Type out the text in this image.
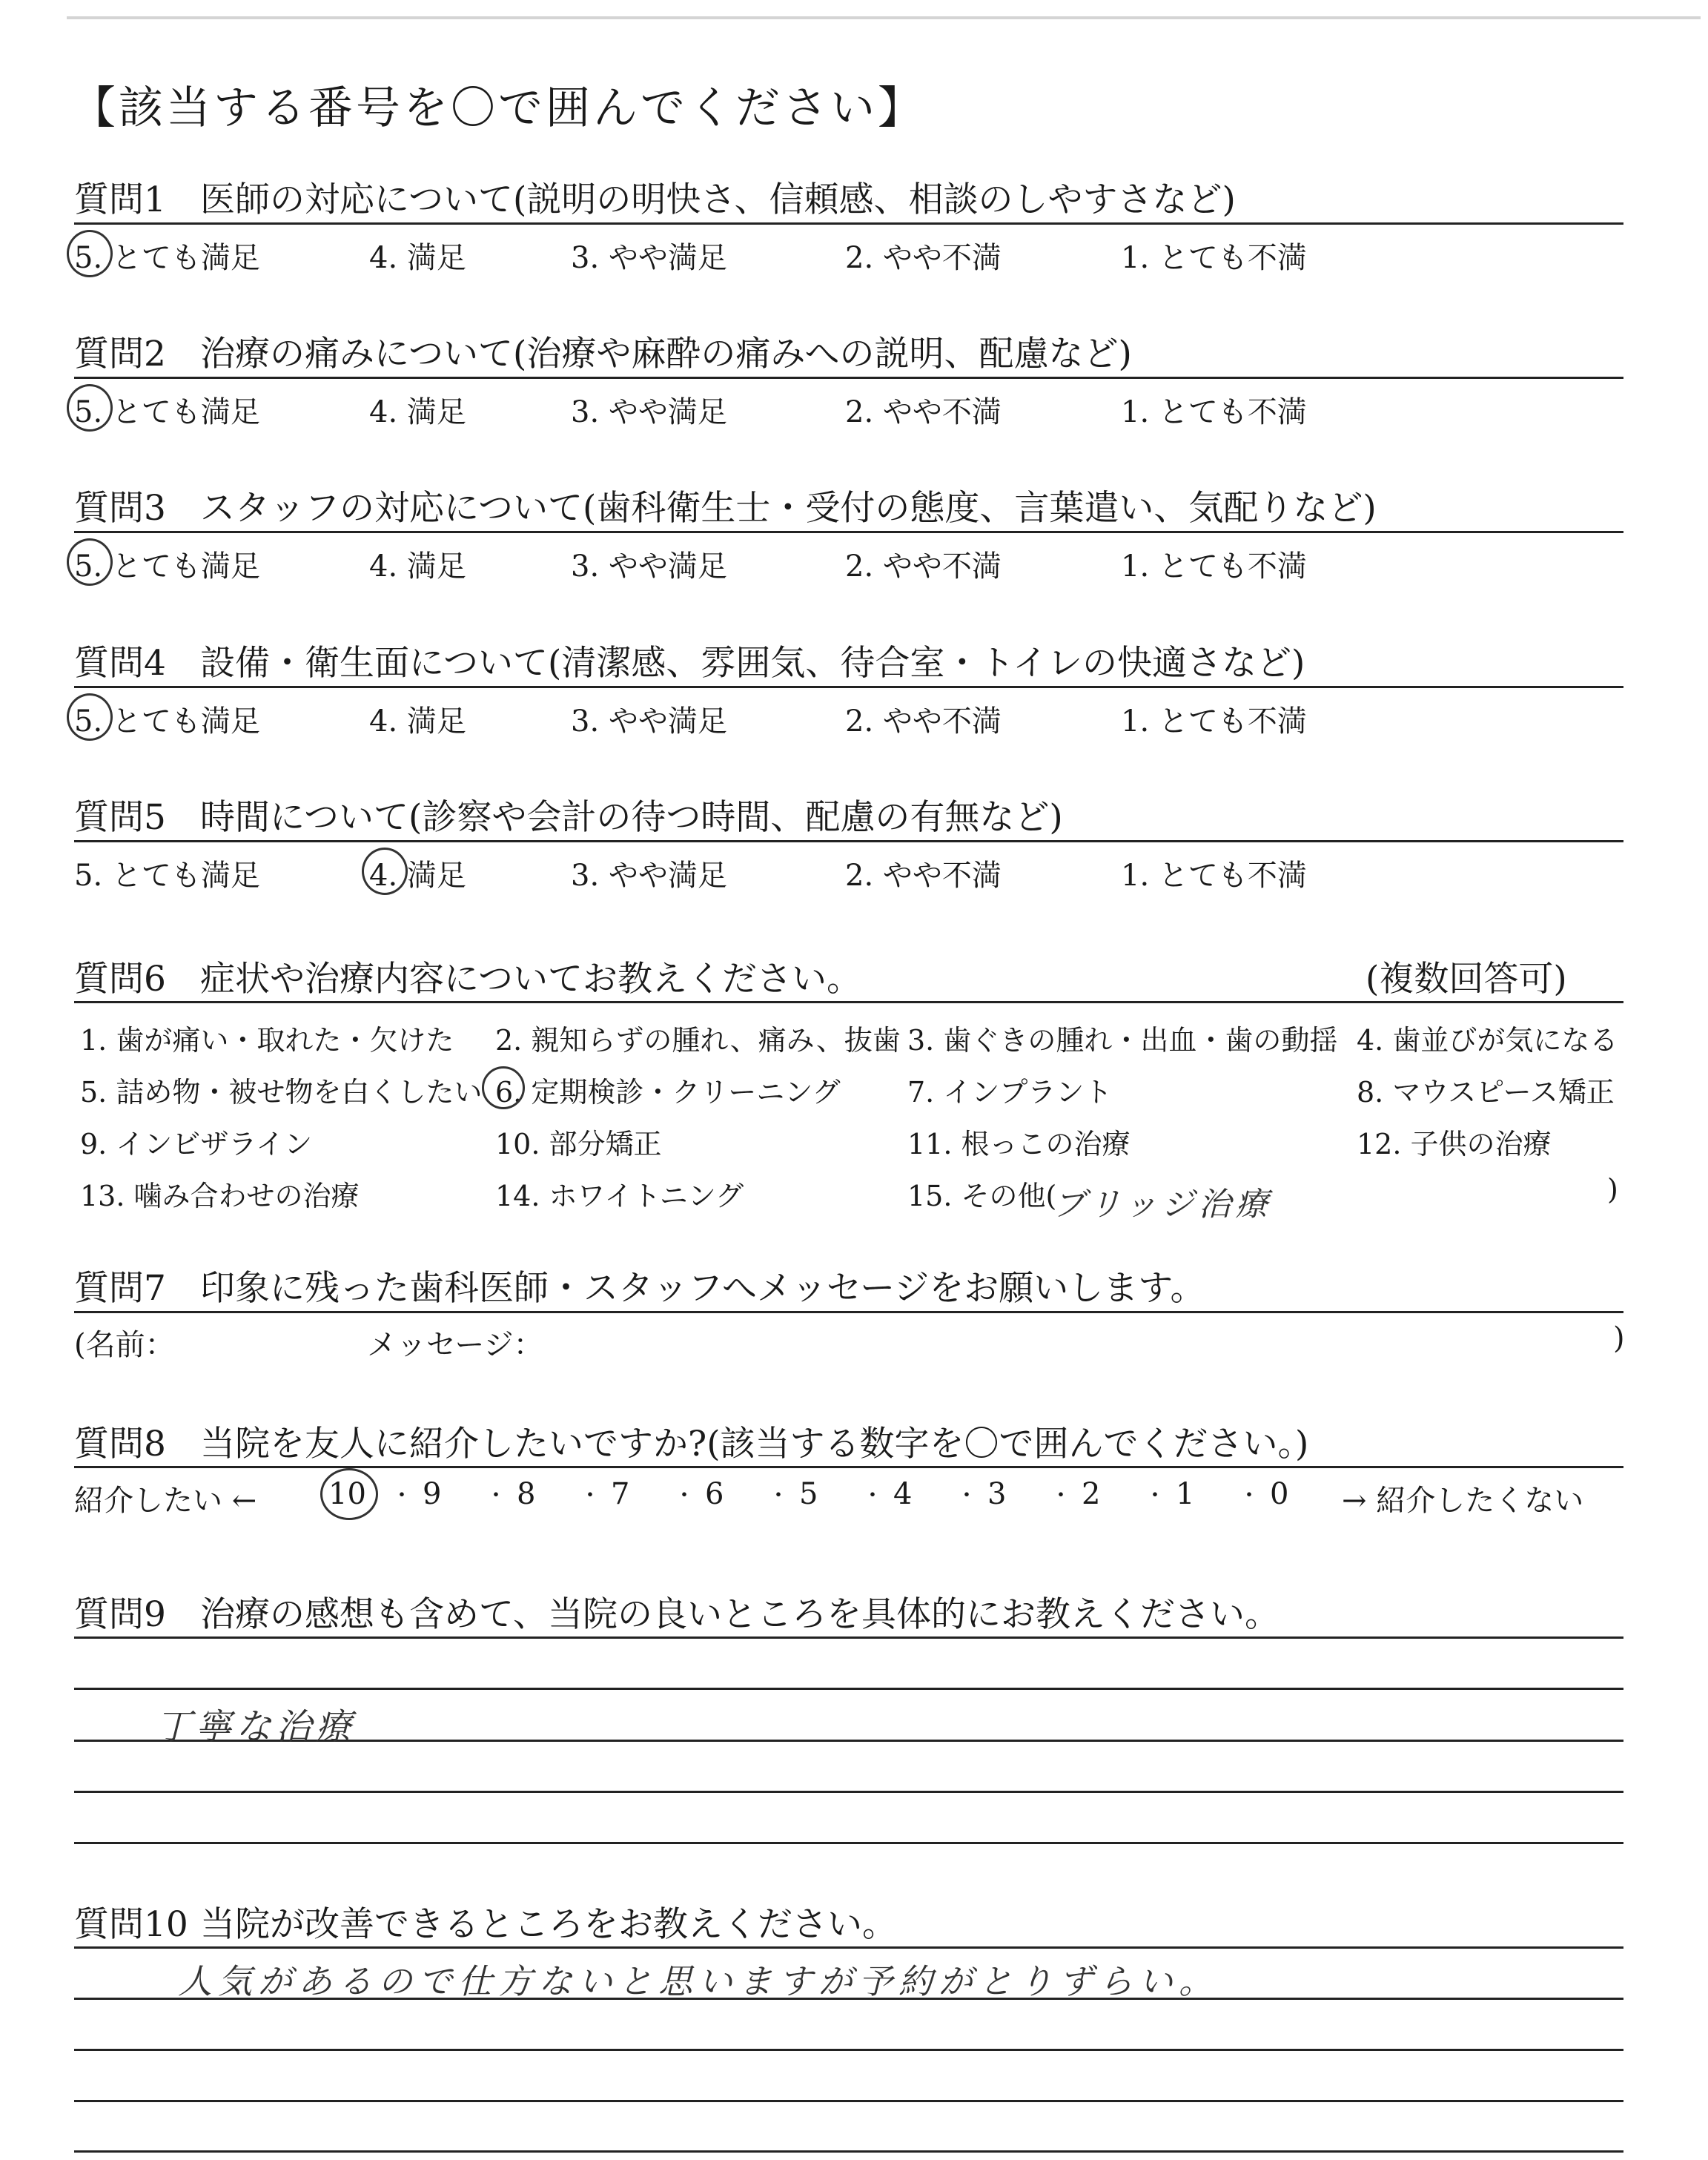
【該当する番号を〇で囲んでください】
質問1 医師の対応について(説明の明快さ、信頼感、相談のしやすさなど)
5. とても満足	4. 満足	3. やや満足	2. やや不満	1. とても不満
質問2 治療の痛みについて(治療や麻酔の痛みへの説明、配慮など)
5. とても満足	4. 満足	3. やや満足	2. やや不満	1. とても不満
質問3 スタッフの対応について(歯科衛生士・受付の態度、言葉遣い、気配りなど)
5. とても満足	4. 満足	3. やや満足	2. やや不満	1. とても不満
質問4 設備・衛生面について(清潔感、雰囲気、待合室・トイレの快適さなど)
5. とても満足	4. 満足	3. やや満足	2. やや不満	1. とても不満
質問5 時間について(診察や会計の待つ時間、配慮の有無など)
5. とても満足	4. 満足	3. やや満足	2. やや不満	1. とても不満
質問6 症状や治療内容についてお教えください。	(複数回答可)
1. 歯が痛い・取れた・欠けた 2. 親知らずの腫れ、痛み、抜歯 3. 歯ぐきの腫れ・出血・歯の動揺 4. 歯並びが気になる
5. 詰め物・被せ物を白くしたい 6. 定期検診・クリーニング 7. インプラント	8. マウスピース矯正
9. インビザライン	10. 部分矯正	11. 根っこの治療	12. 子供の治療
13. 噛み合わせの治療	14. ホワイトニング	15. その他(	)
ブリッジ治療
質問7 印象に残った歯科医師・スタッフへメッセージをお願いします。
(名前：	メッセージ：	)
質問8 当院を友人に紹介したいですか?(該当する数字を〇で囲んでください。)
紹介したい ←	→ 紹介したくない
10 ・ 9 ・ 8 ・ 7 ・ 6 ・ 5 ・ 4 ・ 3 ・ 2 ・ 1 ・ 0
質問9 治療の感想も含めて、当院の良いところを具体的にお教えください。
丁寧な治療
質問10 当院が改善できるところをお教えください。
人気があるので仕方ないと思いますが予約がとりずらい。
